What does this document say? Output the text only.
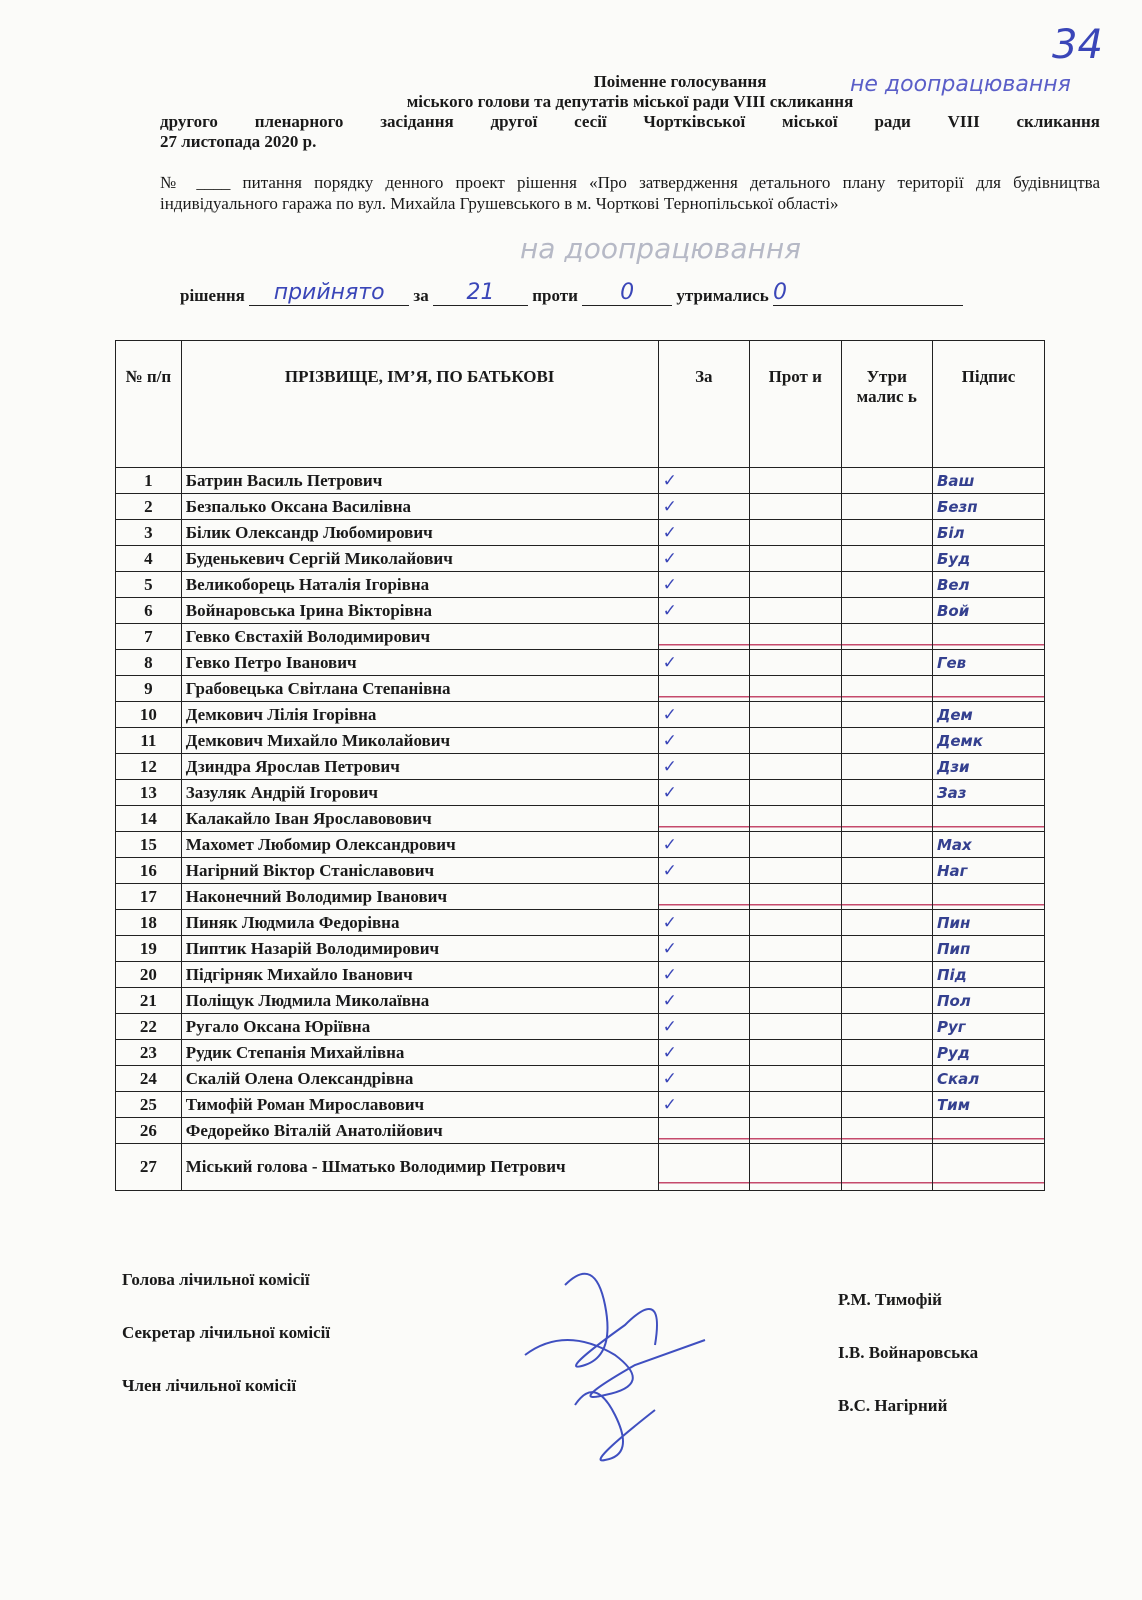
34
не доопрацювання
Поіменне голосування
міського голови та депутатів міської ради VIII скликання
другого пленарного засідання другої сесії Чортківської міської ради VIII скликання
27 листопада 2020 р.
№ ____ питання порядку денного проект рішення «Про затвердження детального плану території для будівництва індивідуального гаража по вул. Михайла Грушевського в м. Чорткові Тернопільської області»
на доопрацювання
рішення прийнято за 21 проти 0 утримались 0
№ п/п	ПРІЗВИЩЕ, ІМ’Я, ПО БАТЬКОВІ	За	Прот и	Утри малис ь	Підпис
1	Батрин Василь Петрович	✓			Ваш
2	Безпалько Оксана Василівна	✓			Безп
3	Білик Олександр Любомирович	✓			Біл
4	Буденькевич Сергій Миколайович	✓			Буд
5	Великоборець Наталія Ігорівна	✓			Вел
6	Войнаровська Ірина Вікторівна	✓			Вой
7	Гевко Євстахій Володимирович				
8	Гевко Петро Іванович	✓			Гев
9	Грабовецька Світлана Степанівна				
10	Демкович Лілія Ігорівна	✓			Дем
11	Демкович Михайло Миколайович	✓			Демк
12	Дзиндра Ярослав Петрович	✓			Дзи
13	Зазуляк Андрій Ігорович	✓			Заз
14	Калакайло Іван Ярославовович				
15	Махомет Любомир Олександрович	✓			Мах
16	Нагірний Віктор Станіславович	✓			Наг
17	Наконечний Володимир Іванович				
18	Пиняк Людмила Федорівна	✓			Пин
19	Пиптик Назарій Володимирович	✓			Пип
20	Підгірняк Михайло Іванович	✓			Під
21	Поліщук Людмила Миколаївна	✓			Пол
22	Ругало Оксана Юріївна	✓			Руг
23	Рудик Степанія Михайлівна	✓			Руд
24	Скалій Олена Олександрівна	✓			Скал
25	Тимофій Роман Мирославович	✓			Тим
26	Федорейко Віталій Анатолійович				
27	Міський голова - Шматько Володимир Петрович				
Голова лічильної комісії
Секретар лічильної комісії
Член лічильної комісії
Р.М. Тимофій
І.В. Войнаровська
В.С. Нагірний
